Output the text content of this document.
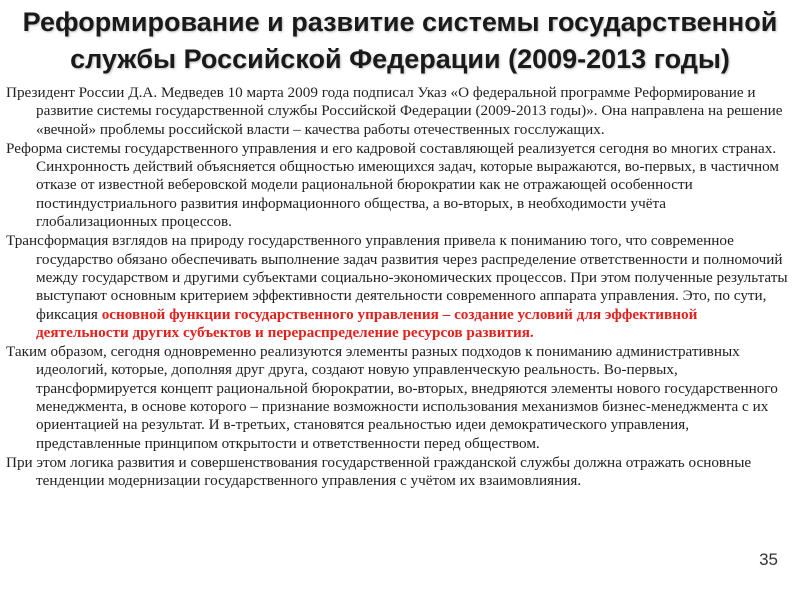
Реформирование и развитие системы государственной службы Российской Федерации (2009-2013 годы)

Президент России Д.А. Медведев 10 марта 2009 года подписал Указ «О федеральной программе Реформирование и развитие системы государственной службы Российской Федерации (2009-2013 годы)». Она направлена на решение «вечной» проблемы российской власти – качества работы отечественных госслужащих.

Реформа системы государственного управления и его кадровой составляющей реализуется сегодня во многих странах. Синхронность действий объясняется общностью имеющихся задач, которые выражаются, во-первых, в частичном отказе от известной веберовской модели рациональной бюрократии как не отражающей особенности постиндустриального развития информационного общества, а во-вторых, в необходимости учёта глобализационных процессов.

Трансформация взглядов на природу государственного управления привела к пониманию того, что современное государство обязано обеспечивать выполнение задач развития через распределение ответственности и полномочий между государством и другими субъектами социально-экономических процессов. При этом полученные результаты выступают основным критерием эффективности деятельности современного аппарата управления. Это, по сути, фиксация основной функции государственного управления – создание условий для эффективной деятельности других субъектов и перераспределение ресурсов развития.

Таким образом, сегодня одновременно реализуются элементы разных подходов к пониманию административных идеологий, которые, дополняя друг друга, создают новую управленческую реальность. Во-первых, трансформируется концепт рациональной бюрократии, во-вторых, внедряются элементы нового государственного менеджмента, в основе которого – признание возможности использования механизмов бизнес-менеджмента с их ориентацией на результат. И в-третьих, становятся реальностью идеи демократического управления, представленные принципом открытости и ответственности перед обществом.

При этом логика развития и совершенствования государственной гражданской службы должна отражать основные тенденции модернизации государственного управления с учётом их взаимовлияния.

35
